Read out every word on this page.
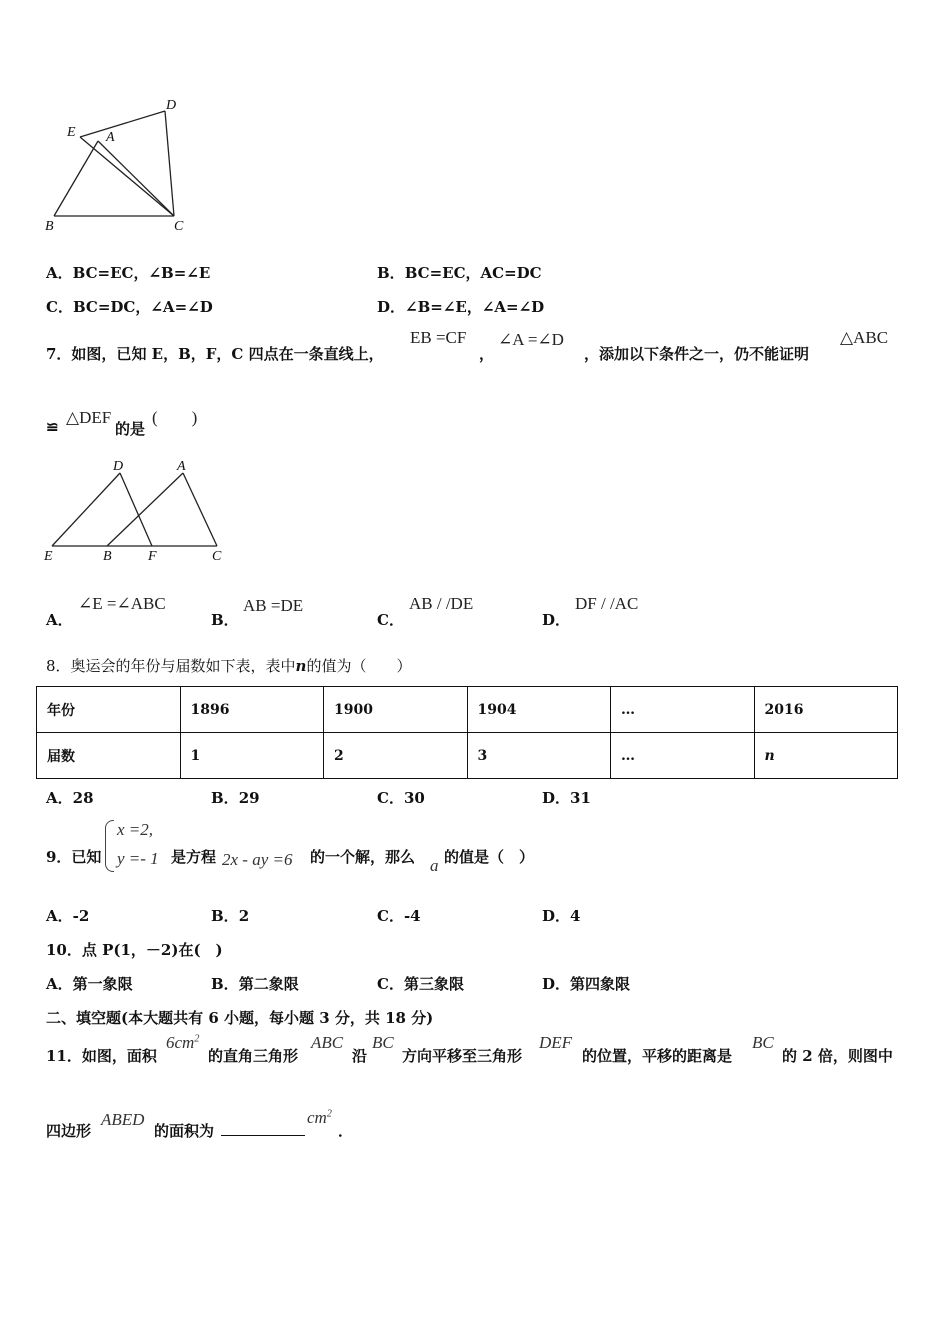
D
E A
B	C
A．BC=EC，∠B=∠E	B．BC=EC，AC=DC
C．BC=DC，∠A=∠D	D．∠B=∠E，∠A=∠D
7．如图，已知 E，B，F，C 四点在一条直线上，
EB =CF
，
∠A =∠D
，添加以下条件之一，仍不能证明
△ABC
≌ △DEF
的是
(　　)
D	A
E	B	F	C
A．
∠E =∠ABC
B．
AB =DE
C．
AB / /DE
D．
DF / /AC
8．奥运会的年份与届数如下表，表中n的值为（　　）
年份	1896	1900	1904	…	2016
届数	1	2	3	…	n
A．28	B．29	C．30	D．31
9．已知
x =2,
y =- 1 是方程 2x - ay =6 的一个解，那么 a 的值是（　）
A．-2	B．2	C．-4	D．4
10．点 P(1，－2)在(　)
A．第一象限	B．第二象限	C．第三象限	D．第四象限
二、填空题(本大题共有 6 小题，每小题 3 分，共 18 分)
11．如图，面积
$6cm^2$
的直角三角形
ABC
沿
BC
方向平移至三角形
DEF
的位置，平移的距离是
BC
的 2 倍，则图中
四边形
ABED
的面积为
$cm^2$
．
